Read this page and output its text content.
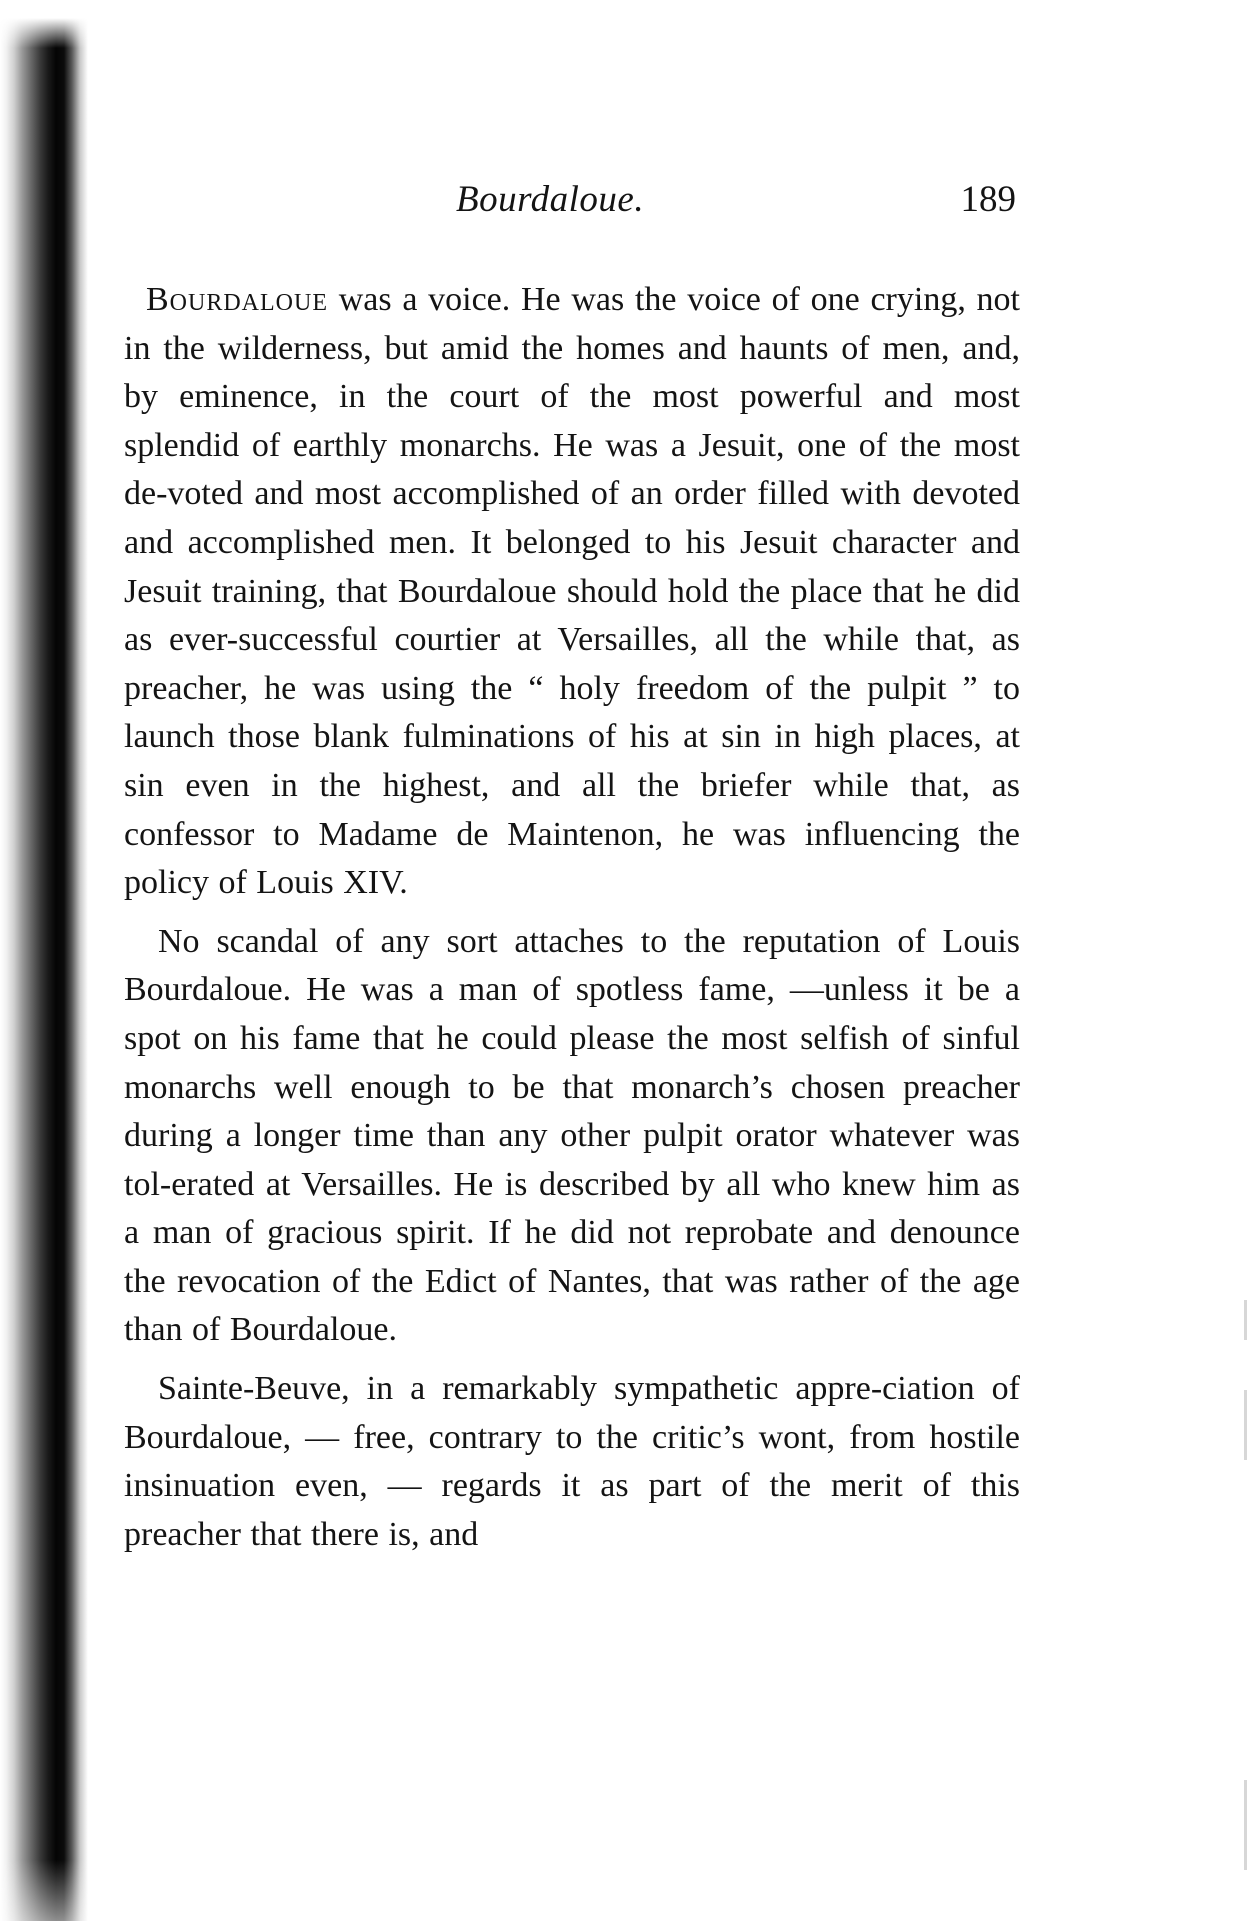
Bourdaloue.	189

Bourdaloue was a voice. He was the voice of one crying, not in the wilderness, but amid the homes and haunts of men, and, by eminence, in the court of the most powerful and most splendid of earthly monarchs. He was a Jesuit, one of the most de-voted and most accomplished of an order filled with devoted and accomplished men. It belonged to his Jesuit character and Jesuit training, that Bourdaloue should hold the place that he did as ever-successful courtier at Versailles, all the while that, as preacher, he was using the “ holy freedom of the pulpit ” to launch those blank fulminations of his at sin in high places, at sin even in the highest, and all the briefer while that, as confessor to Madame de Maintenon, he was influencing the policy of Louis XIV.

No scandal of any sort attaches to the reputation of Louis Bourdaloue. He was a man of spotless fame, —unless it be a spot on his fame that he could please the most selfish of sinful monarchs well enough to be that monarch’s chosen preacher during a longer time than any other pulpit orator whatever was tol-erated at Versailles. He is described by all who knew him as a man of gracious spirit. If he did not reprobate and denounce the revocation of the Edict of Nantes, that was rather of the age than of Bourdaloue.

Sainte-Beuve, in a remarkably sympathetic appre-ciation of Bourdaloue, — free, contrary to the critic’s wont, from hostile insinuation even, — regards it as part of the merit of this preacher that there is, and
